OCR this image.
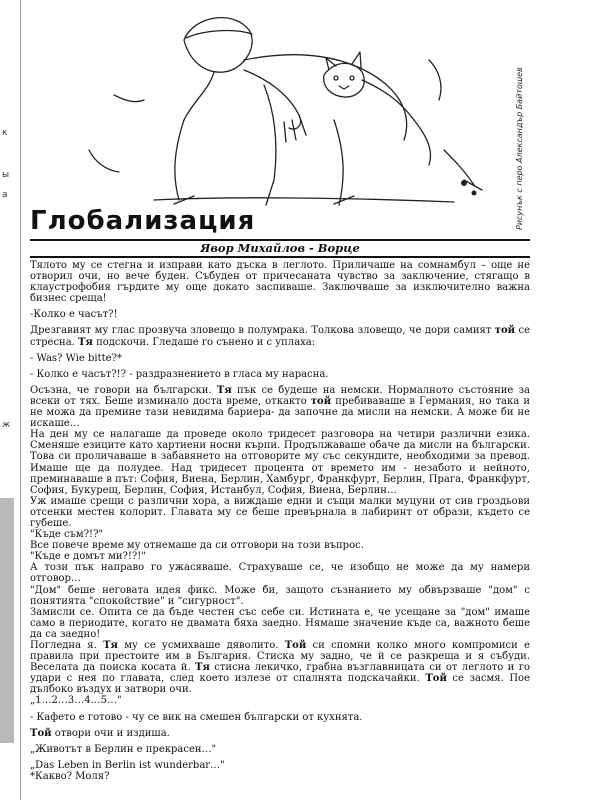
к
ы
а
ж
Рисунък с перо Александър Байтошев
Глобализация
Явор Михайлов - Ворце

Тялото му се стегна и изправи като дъска в леглото. Приличаше на сомнамбул – още не отворил очи, но вече буден. Събуден от причесаната чувство за заключение, стягащо в клаустрофобия гърдите му още докато заспиваше. Заключваше за изключително важна бизнес среща!

-Колко е часът?!

Дрезгавият му глас прозвуча зловещо в полумрака. Толкова зловещо, че дори самият той се стресна. Тя подскочи. Гледаше го сънено и с уплаха:

- Was? Wie bitte?*

- Колко е часът?!? - раздразнението в гласа му нарасна.

Осъзна, че говори на български. Тя пък се будеше на немски. Нормалното състояние за всеки от тях. Беше изминало доста време, откакто той пребиваваше в Германия, но така и не можа да премине тази невидима бариера- да започне да мисли на немски. А може би не искаше…

На ден му се налагаше да проведе около тридесет разговора на четири различни езика. Сменяше езиците като хартиени носни кърпи. Продължаваше обаче да мисли на български. Това си проличаваше в забавянето на отговорите му със секундите, необходими за превод. Имаше ще да полудее. Над тридесет процента от времето им - незабото и нейното, преминаваше в път: София, Виена, Берлин, Хамбург, Франкфурт, Берлин, Прага, Франкфурт, София, Букурещ, Берлин, София, Истанбул, София, Виена, Берлин…

Уж имаше срещи с различни хора, а виждаше едни и същи малки муцуни от сив гроздьови отсенки местен колорит. Главата му се беше превърнала в лабиринт от образи, където се губеше.

"Къде съм?!?"

Все повече време му отнемаше да си отговори на този въпрос.

"Къде е домът ми?!?!"

А този пък направо го ужасяваше. Страхуваше се, че изобщо не може да му намери отговор…

"Дом" беше неговата идея фикс. Може би, защото съзнанието му обвързваше "дом" с понятията "спокойствие" и "сигурност".

Замисли се. Опита се да бъде честен със себе си. Истината е, че усещане за "дом" имаше само в периодите, когато не двамата бяха заедно. Нямаше значение къде са, важното беше да са заедно!

Погледна я. Тя му се усмихваше дяволито. Той си спомни колко много компромиси е правила при престоите им в България. Стиска му задно, че й се разкреща и я събуди. Веселата да поиска косата й. Тя стисна лекичко, грабна възглавницата си от леглото и го удари с нея по главата, след което излезе от спалнята подскачайки. Той се засмя. Пое дълбоко въздух и затвори очи.

„1…2…3…4…5…"

- Кафето е готово - чу се вик на смешен български от кухнята.

Той отвори очи и издиша.

„Животът в Берлин е прекрасен…"

„Das Leben in Berlin ist wunderbar…"

*Какво? Моля?
